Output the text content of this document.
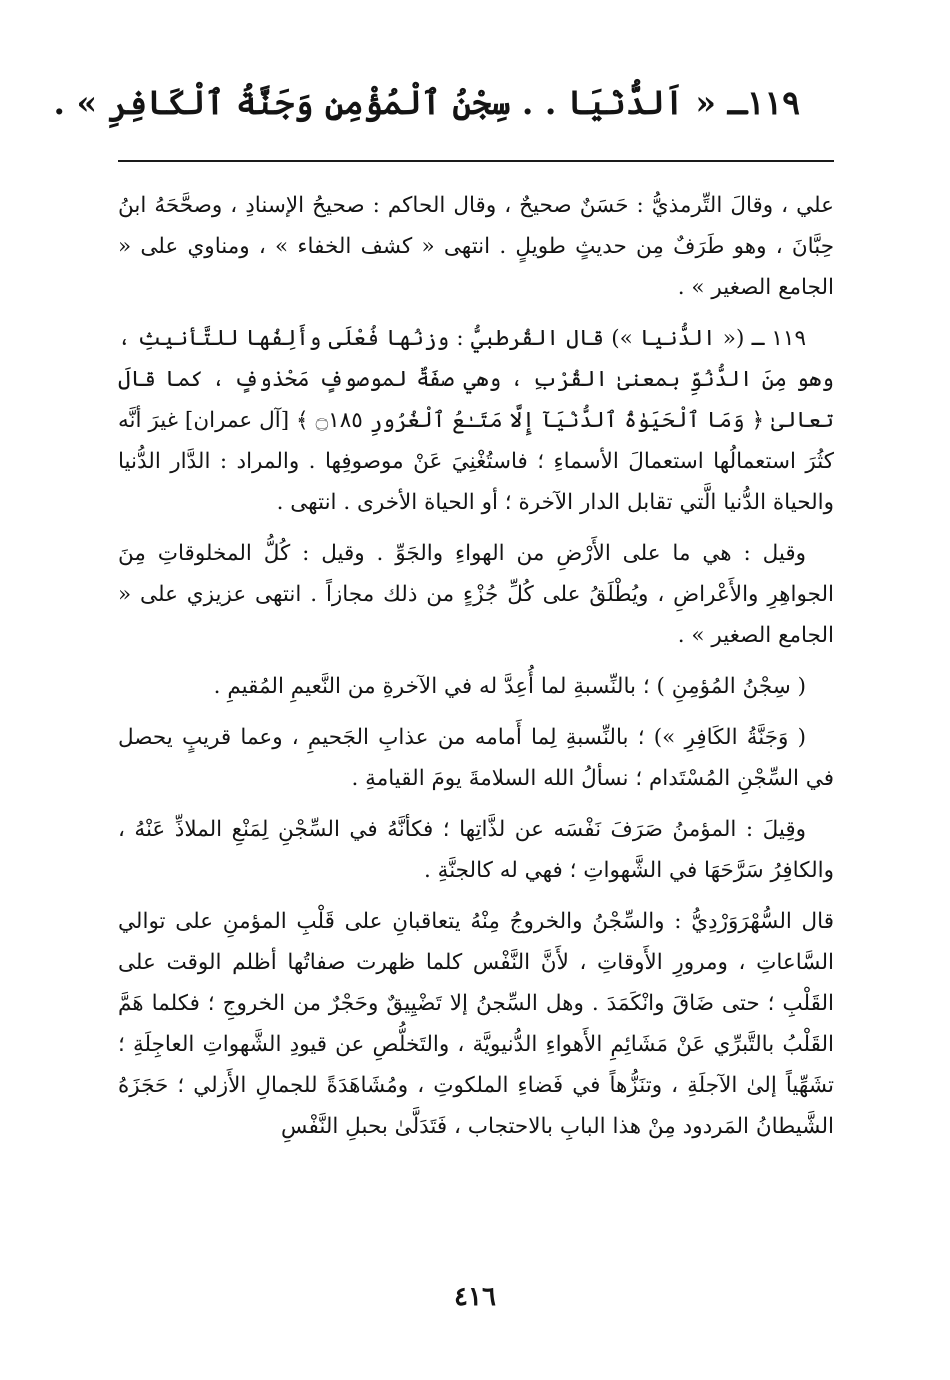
١١٩ـ « اَلدُّنْيَا . . سِجْنُ ٱلْمُؤْمِنِ وَجَنَّةُ ٱلْكَافِرِ » .

علي ، وقالَ التِّرمذيُّ : حَسَنٌ صحيحٌ ، وقال الحاكم : صحيحُ الإسنادِ ، وصحَّحَهُ ابنُ حِبَّانَ ، وهو طَرَفٌ مِن حديثٍ طويلٍ . انتهى « كشف الخفاء » ، ومناوي على « الجامع الصغير » .

١١٩ ـ (« الدُّنيا ») قال القُرطبيُّ : وزنُها فُعْلَى وأَلِفُها للتَّأنيثِ ، وهو مِنَ الدُّنُوِّ بمعنىٰ القُرْبِ ، وهي صفَةٌ لموصوفٍ مَحْذوفٍ ، كما قالَ تعالىٰ ﴿ وَمَا ٱلْحَيَوٰةُ ٱلدُّنْيَآ إِلَّا مَتَـٰعُ ٱلْغُرُورِ ۝١٨٥ ﴾ [آل عمران] غيرَ أنَّه كثُرَ استعمالُها استعمالَ الأسماءِ ؛ فاستُغْنِيَ عَنْ موصوفِها . والمراد : الدَّار الدُّنيا والحياة الدُّنيا الَّتي تقابل الدار الآخرة ؛ أو الحياة الأخرى . انتهى .

وقيل : هي ما على الأَرْضِ من الهواءِ والجَوِّ . وقيل : كُلُّ المخلوقاتِ مِنَ الجواهِرِ والأَعْراضِ ، ويُطْلَقُ على كُلِّ جُزْءٍ من ذلك مجازاً . انتهى عزيزي على « الجامع الصغير » .

( سِجْنُ المُؤمِنِ ) ؛ بالنِّسبةِ لما أُعِدَّ له في الآخرةِ من النَّعيمِ المُقيمِ .

( وَجَنَّةُ الكَافِرِ ») ؛ بالنِّسبةِ لِما أَمامه من عذابِ الجَحيمِ ، وعما قريبٍ يحصل في السِّجْنِ المُسْتَدام ؛ نسألُ الله السلامةَ يومَ القيامةِ .

وقِيلَ : المؤمنُ صَرَفَ نَفْسَه عن لذَّاتِها ؛ فكأنَّهُ في السِّجْنِ لِمَنْعِ الملاذِّ عَنْهُ ، والكافِرُ سَرَّحَهَا في الشَّهواتِ ؛ فهي له كالجنَّةِ .

قال السُّهْرَوَرْدِيُّ : والسِّجْنُ والخروجُ مِنْهُ يتعاقبانِ على قَلْبِ المؤمنِ على توالي السَّاعاتِ ، ومرورِ الأَوقاتِ ، لأَنَّ النَّفْس كلما ظهرت صفاتُها أظلم الوقت على القَلْبِ ؛ حتى ضَاقَ وانْكَمَدَ . وهل السِّجنُ إلا تَضْيِيقٌ وحَجْرٌ من الخروجِ ؛ فكلما هَمَّ القَلْبُ بالتَّبرِّي عَنْ مَشَائِمِ الأَهواءِ الدُّنيويَّة ، والتَخلُّصِ عن قيودِ الشَّهواتِ العاجِلَةِ ؛ تشَهِّياً إلىٰ الآجلَةِ ، وتنَزُّهاً في فَضاءِ الملكوتِ ، ومُشَاهَدَةً للجمالِ الأَزلي ؛ حَجَزَهُ الشَّيطانُ المَردود مِنْ هذا البابِ بالاحتجاب ، فَتَدَلَّىٰ بحبلِ النَّفْسِ

٤١٦
